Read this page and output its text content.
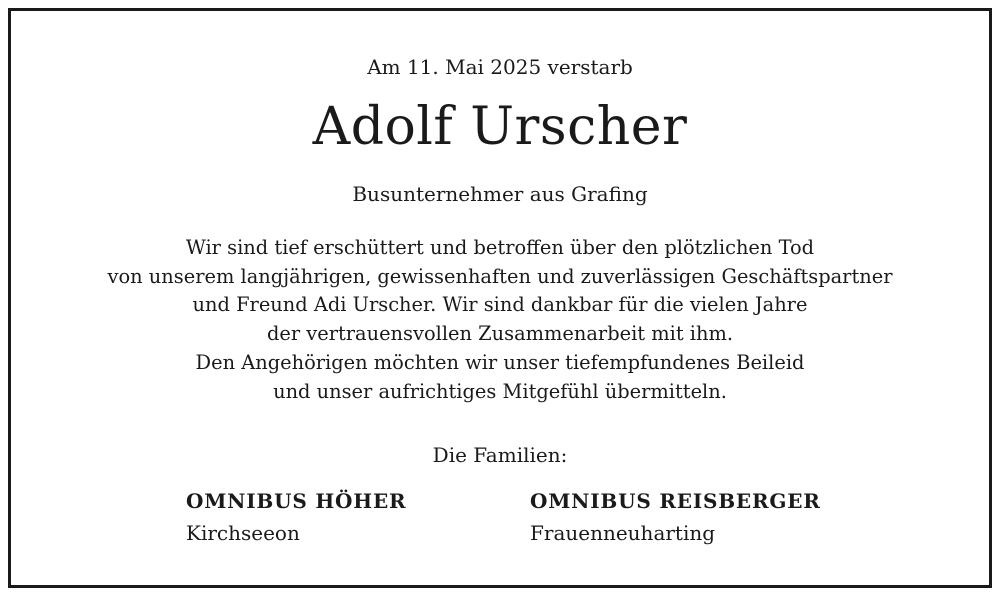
Am 11. Mai 2025 verstarb
Adolf Urscher
Busunternehmer aus Grafing
Wir sind tief erschüttert und betroffen über den plötzlichen Tod
von unserem langjährigen, gewissenhaften und zuverlässigen Geschäftspartner
und Freund Adi Urscher. Wir sind dankbar für die vielen Jahre
der vertrauensvollen Zusammenarbeit mit ihm.
Den Angehörigen möchten wir unser tiefempfundenes Beileid
und unser aufrichtiges Mitgefühl übermitteln.
Die Familien:
OMNIBUS HÖHER
Kirchseeon
OMNIBUS REISBERGER
Frauenneuharting
